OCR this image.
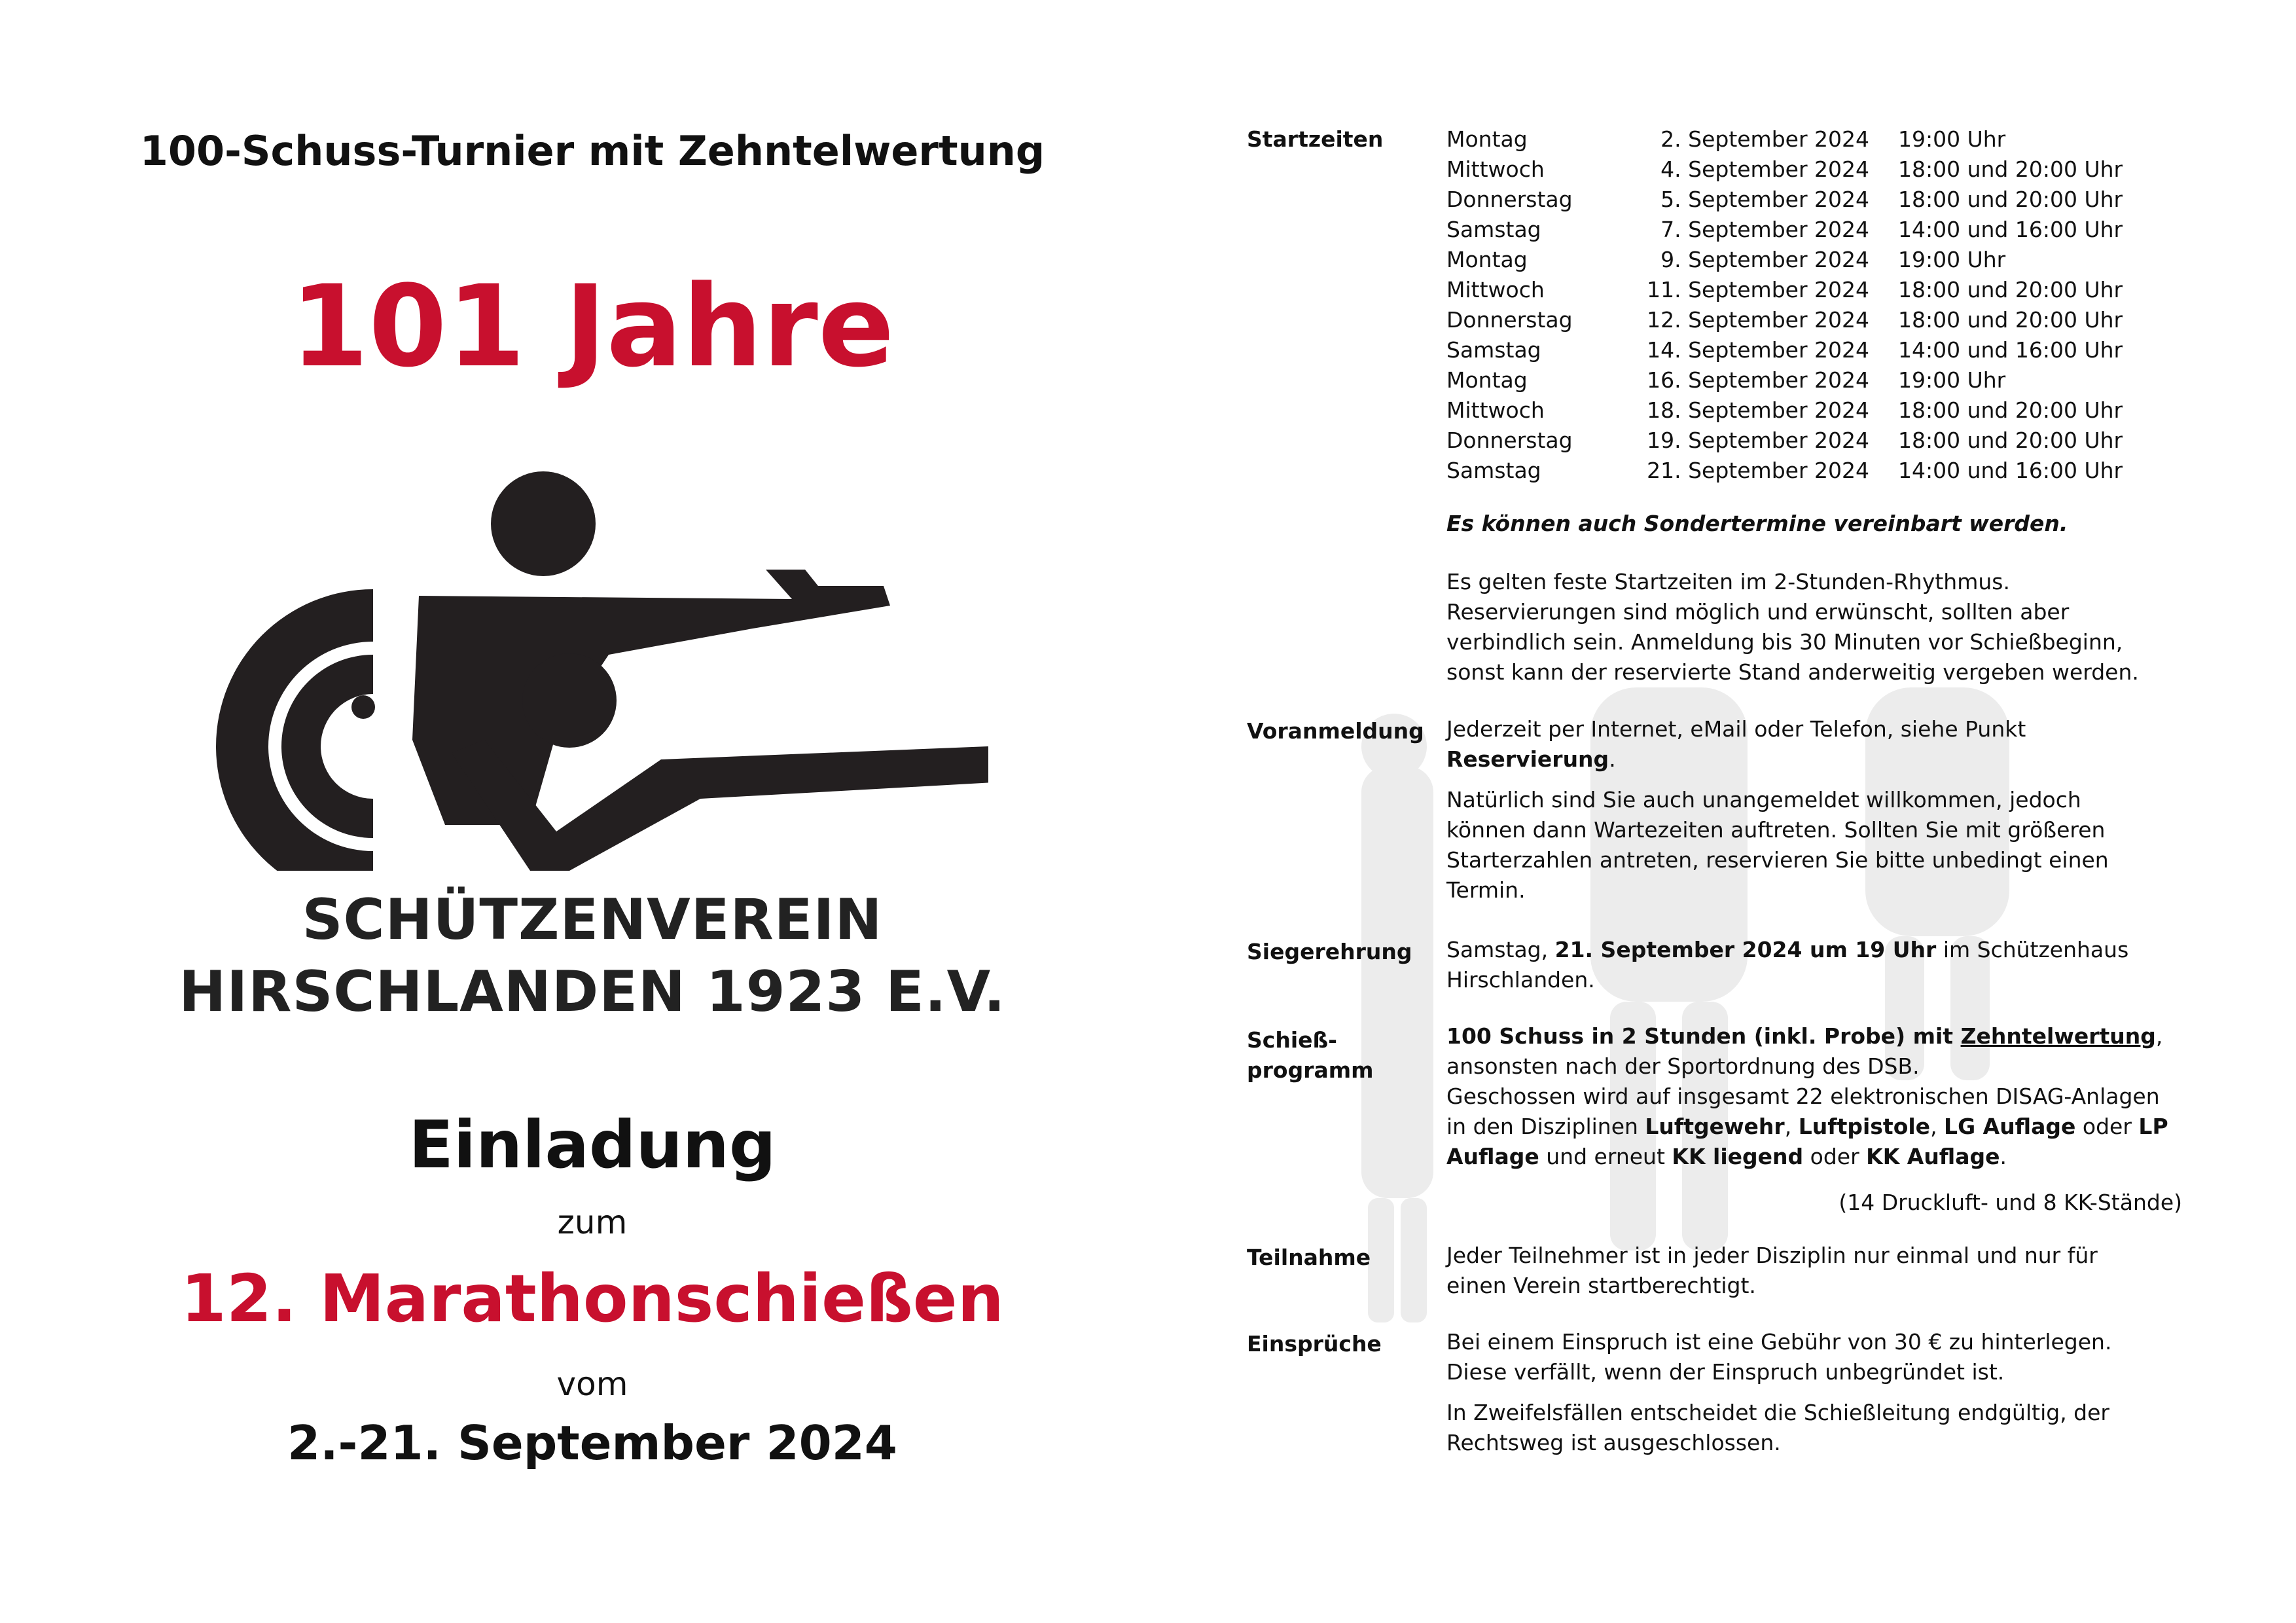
100-Schuss-Turnier mit Zehntelwertung
101 Jahre
SCHÜTZENVEREIN
HIRSCHLANDEN 1923 E.V.
Einladung

zum

12. Marathonschießen

vom

2.-21. September 2024
Startzeiten	Montag	2. September 2024 19:00 Uhr
Mittwoch	4. September 2024 18:00 und 20:00 Uhr
Donnerstag	5. September 2024 18:00 und 20:00 Uhr
Samstag	7. September 2024 14:00 und 16:00 Uhr
Montag	9. September 2024 19:00 Uhr
Mittwoch	11. September 2024 18:00 und 20:00 Uhr
Donnerstag	12. September 2024 18:00 und 20:00 Uhr
Samstag	14. September 2024 14:00 und 16:00 Uhr
Montag	16. September 2024 19:00 Uhr
Mittwoch	18. September 2024 18:00 und 20:00 Uhr
Donnerstag	19. September 2024 18:00 und 20:00 Uhr
Samstag	21. September 2024 14:00 und 16:00 Uhr
Es können auch Sondertermine vereinbart werden.

Es gelten feste Startzeiten im 2-Stunden-Rhythmus.

Reservierungen sind möglich und erwünscht, sollten aber

verbindlich sein. Anmeldung bis 30 Minuten vor Schießbeginn,

sonst kann der reservierte Stand anderweitig vergeben werden.

Voranmeldung Jederzeit per Internet, eMail oder Telefon, siehe Punkt

Reservierung.

Natürlich sind Sie auch unangemeldet willkommen, jedoch

können dann Wartezeiten auftreten. Sollten Sie mit größeren

Starterzahlen antreten, reservieren Sie bitte unbedingt einen

Termin.

Siegerehrung Samstag, 21. September 2024 um 19 Uhr im Schützenhaus

Hirschlanden.

Schieß-
programm

100 Schuss in 2 Stunden (inkl. Probe) mit Zehntelwertung,

ansonsten nach der Sportordnung des DSB.

Geschossen wird auf insgesamt 22 elektronischen DISAG-Anlagen

in den Disziplinen Luftgewehr, Luftpistole, LG Auflage oder LP

Auflage und erneut KK liegend oder KK Auflage.

(14 Druckluft- und 8 KK-Stände)
Teilnahme	Jeder Teilnehmer ist in jeder Disziplin nur einmal und nur für

einen Verein startberechtigt.

Einsprüche	Bei einem Einspruch ist eine Gebühr von 30 € zu hinterlegen.

Diese verfällt, wenn der Einspruch unbegründet ist.

In Zweifelsfällen entscheidet die Schießleitung endgültig, der

Rechtsweg ist ausgeschlossen.
